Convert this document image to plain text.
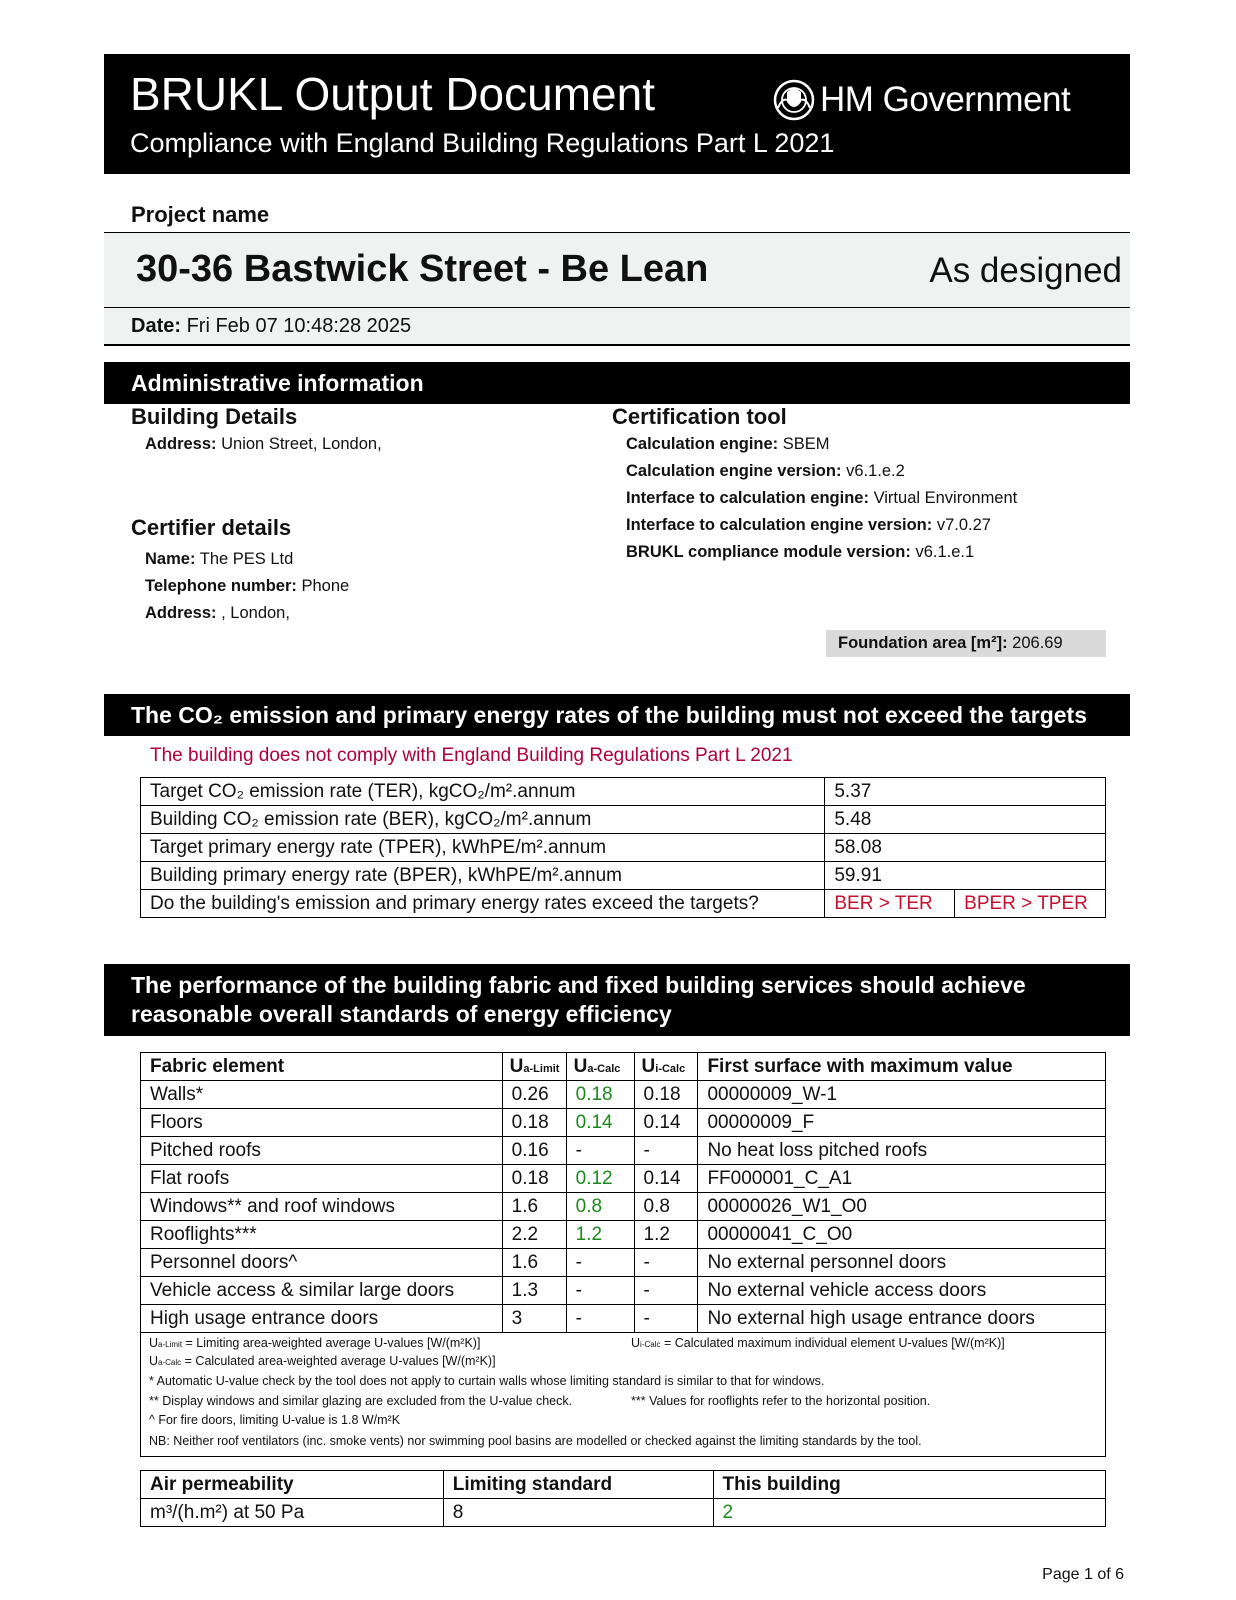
BRUKL Output Document
Compliance with England Building Regulations Part L 2021
HM Government
Project name
30-36 Bastwick Street - Be Lean	As designed
Date: Fri Feb 07 10:48:28 2025
Administrative information
Building Details
Address: Union Street, London,
Certifier details
Name: The PES Ltd
Telephone number: Phone
Address: , London,
Certification tool
Calculation engine: SBEM
Calculation engine version: v6.1.e.2
Interface to calculation engine: Virtual Environment
Interface to calculation engine version: v7.0.27
BRUKL compliance module version: v6.1.e.1
Foundation area [m²]: 206.69
The CO₂ emission and primary energy rates of the building must not exceed the targets
The building does not comply with England Building Regulations Part L 2021
Target CO₂ emission rate (TER), kgCO₂/m².annum	5.37	
Building CO₂ emission rate (BER), kgCO₂/m².annum	5.48	
Target primary energy rate (TPER), kWhPE/m².annum	58.08	
Building primary energy rate (BPER), kWhPE/m².annum	59.91	
Do the building's emission and primary energy rates exceed the targets?	BER > TER	BPER > TPER
The performance of the building fabric and fixed building services should achieve
reasonable overall standards of energy efficiency
Fabric element	Ua-Limit	Ua-Calc	Ui-Calc	First surface with maximum value
Walls*	0.26	0.18	0.18	00000009_W-1
Floors	0.18	0.14	0.14	00000009_F
Pitched roofs	0.16	-	-	No heat loss pitched roofs
Flat roofs	0.18	0.12	0.14	FF000001_C_A1
Windows** and roof windows	1.6	0.8	0.8	00000026_W1_O0
Rooflights***	2.2	1.2	1.2	00000041_C_O0
Personnel doors^	1.6	-	-	No external personnel doors
Vehicle access & similar large doors	1.3	-	-	No external vehicle access doors
High usage entrance doors	3	-	-	No external high usage entrance doors
Ua-Limit = Limiting area-weighted average U-values [W/(m²K)]	Ui-Calc = Calculated maximum individual element U-values [W/(m²K)]
Ua-Calc = Calculated area-weighted average U-values [W/(m²K)]
* Automatic U-value check by the tool does not apply to curtain walls whose limiting standard is similar to that for windows.
** Display windows and similar glazing are excluded from the U-value check.	*** Values for rooflights refer to the horizontal position.
^ For fire doors, limiting U-value is 1.8 W/m²K
NB: Neither roof ventilators (inc. smoke vents) nor swimming pool basins are modelled or checked against the limiting standards by the tool.
Air permeability	Limiting standard	This building
m³/(h.m²) at 50 Pa	8	2
Page 1 of 6
